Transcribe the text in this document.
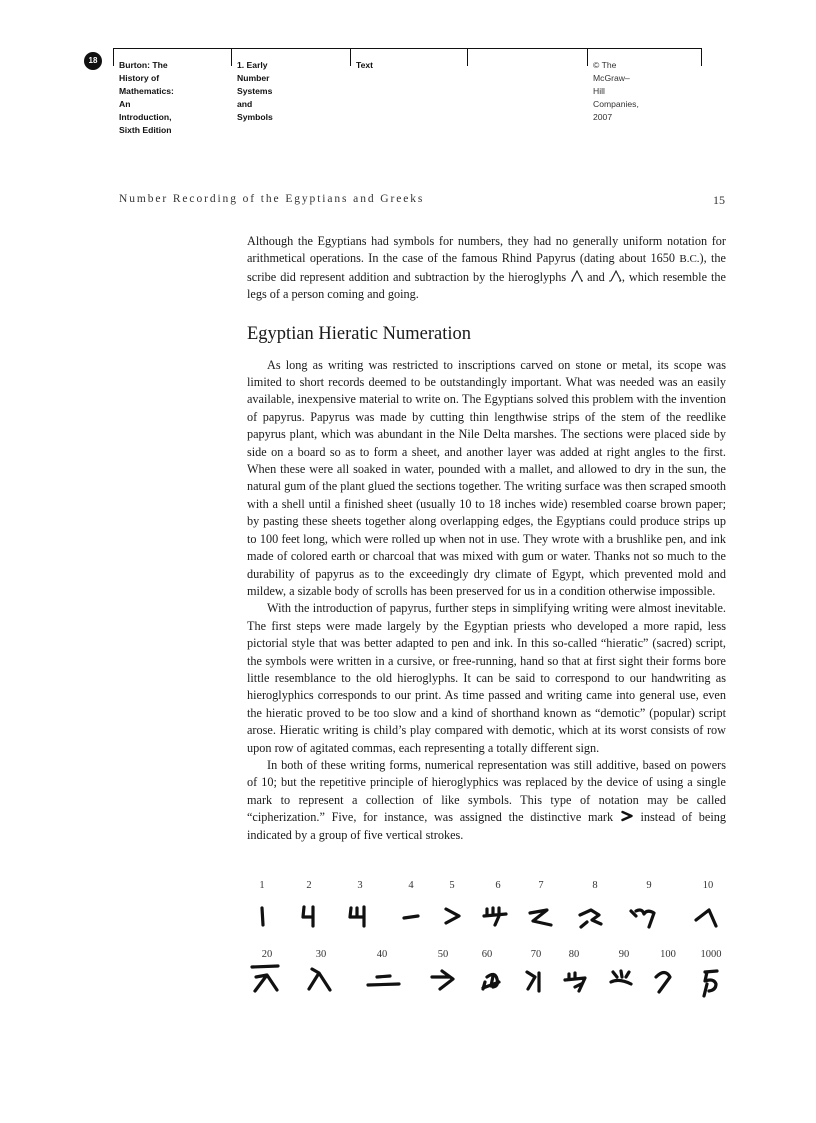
18	Burton: The History of
Mathematics: An
Introduction, Sixth Edition
1. Early Number Systems
and Symbols
Text	© The McGraw–Hill
Companies, 2007
Number Recording of the Egyptians and Greeks	15

Although the Egyptians had symbols for numbers, they had no generally uniform notation for arithmetical operations. In the case of the famous Rhind Papyrus (dating about 1650 B.C.), the scribe did represent addition and subtraction by the hieroglyphs  and , which resemble the legs of a person coming and going.

Egyptian Hieratic Numeration

As long as writing was restricted to inscriptions carved on stone or metal, its scope was limited to short records deemed to be outstandingly important. What was needed was an easily available, inexpensive material to write on. The Egyptians solved this problem with the invention of papyrus. Papyrus was made by cutting thin lengthwise strips of the stem of the reedlike papyrus plant, which was abundant in the Nile Delta marshes. The sections were placed side by side on a board so as to form a sheet, and another layer was added at right angles to the first. When these were all soaked in water, pounded with a mallet, and allowed to dry in the sun, the natural gum of the plant glued the sections together. The writing surface was then scraped smooth with a shell until a finished sheet (usually 10 to 18 inches wide) resembled coarse brown paper; by pasting these sheets together along overlapping edges, the Egyptians could produce strips up to 100 feet long, which were rolled up when not in use. They wrote with a brushlike pen, and ink made of colored earth or charcoal that was mixed with gum or water. Thanks not so much to the durability of papyrus as to the exceedingly dry climate of Egypt, which prevented mold and mildew, a sizable body of scrolls has been preserved for us in a condition otherwise impossible.

With the introduction of papyrus, further steps in simplifying writing were almost inevitable. The first steps were made largely by the Egyptian priests who developed a more rapid, less pictorial style that was better adapted to pen and ink. In this so-called “hieratic” (sacred) script, the symbols were written in a cursive, or free-running, hand so that at first sight their forms bore little resemblance to the old hieroglyphs. It can be said to correspond to our handwriting as hieroglyphics corresponds to our print. As time passed and writing came into general use, even the hieratic proved to be too slow and a kind of shorthand known as “demotic” (popular) script arose. Hieratic writing is child’s play compared with demotic, which at its worst consists of row upon row of agitated commas, each representing a totally different sign.

In both of these writing forms, numerical representation was still additive, based on powers of 10; but the repetitive principle of hieroglyphics was replaced by the device of using a single mark to represent a collection of like symbols. This type of notation may be called “cipherization.” Five, for instance, was assigned the distinctive mark  instead of being indicated by a group of five vertical strokes.

1	2	3	4	5	6	7	8	9	10
20	30	40	50	60	70	80	90	100 1000
